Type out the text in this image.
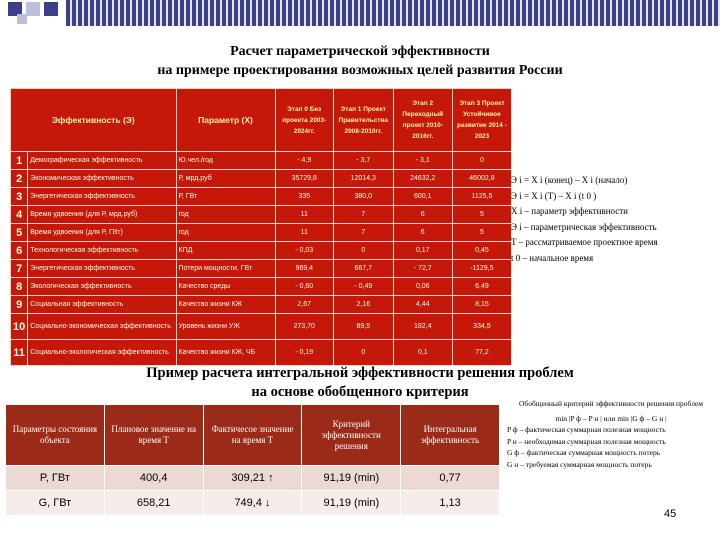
Расчет параметрической эффективности
на примере проектирования возможных целей развития России
Эффективность (Э)		Параметр (X)	Этап 0 Без проекта 2003-2024гг.	Этап 1 Проект Правительства 2008-2010гг.	Этап 2 Переходный проект 2010-2016гг.	Этап 3 Проект Устойчивое развитие 2014 - 2023
1	Демографическая эффективность	Ю.чел./год	- 4,9	- 3,7	- 3,1	0
2	Экономическая эффективность	Р, мрд.руб	35729,8	12014,3	24632,2	46002,8
3	Энергетическая эффективность	Р, ГВт	335	380,0	600,1	1125,5
4	Время удвоения (для Р, мрд.руб)	год	11	7	6	5
5	Время удвоения (для Р, ГВт)	год	11	7	6	5
6	Технологическая эффективность	КПД	- 0,03	0	0,17	0,45
7	Энергетическая эффективность	Потери мощности, ГВт	969,4	667,7	- 72,7	-1129,5
8	Экологическая эффективность	Качество среды	- 0,60	- 0,49	0,06	6,49
9	Социальная эффективность	Качество жизни КЖ	2,67	2,16	4,44	8,15
10	Социально-экономическая эффективность	Уровень жизни УЖ	273,70	89,5	182,4	334,5
11	Социально-экологическая эффективность	Качество жизни КЖ, ЧБ	- 0,19	0	0,1	77,2
Э i = X i (конец) – X i (начало)
Э i = X i (T) – X i (t 0 )
X i – параметр эффективности
Э i – параметрическая эффективность
T – рассматриваемое проектное время
t 0 – начальное время
Пример расчета интегральной эффективности решения проблем
на основе обобщенного критерия
Параметры состояния объекта	Плановое значение на время T	Фактичесое значение на время T	Критерий эффективности решения	Интегральная эффективность
P, ГВт	400,4	309,21 ↑	91,19 (min)	0,77
G, ГВт	658,21	749,4 ↓	91,19 (min)	1,13
Обобщенный критерий эффективности решения проблем
min |P ф – P н | или min |G ф – G н |
P ф – фактическая суммарная полезная мощность
P н – необходимая суммарная полезная мощность
G ф – фактическая суммарная мощность потерь
G н – требуемая суммарная мощность потерь
45
